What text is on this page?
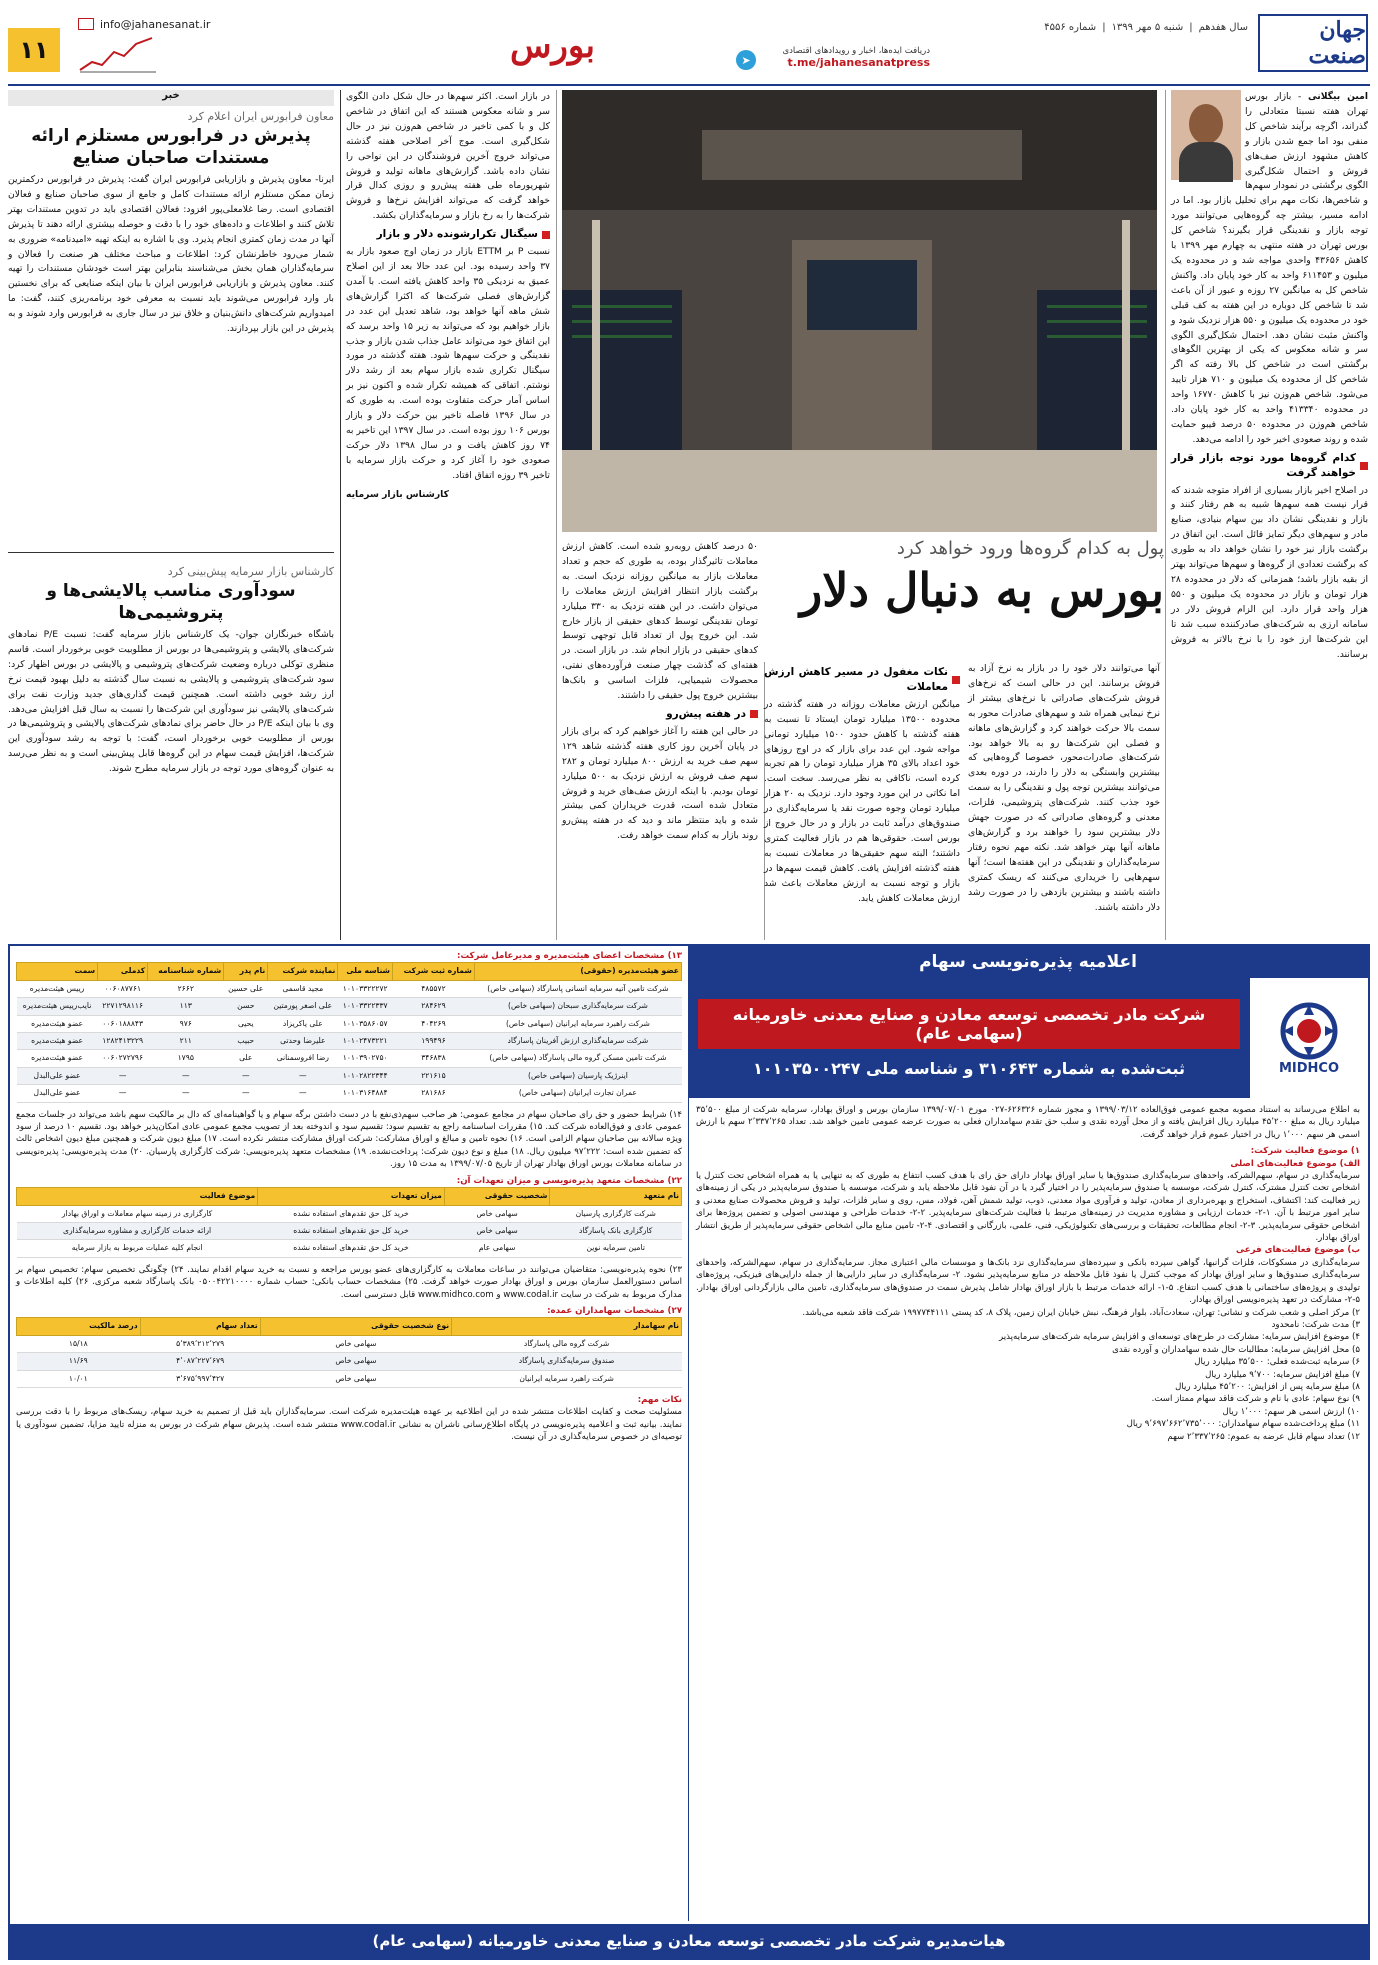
جهان صنعت
سال هفدهم
|
شنبه ۵ مهر ۱۳۹۹
|
شماره ۴۵۵۶
دریافت ایده‌ها، اخبار و رویدادهای اقتصادی
t.me/jahanesanatpress
➤
بورس
info@jahanesanat.ir
۱۱
پول به کدام گروه‌ها ورود خواهد کرد
بورس به دنبال دلار
امین بیگلانی - بازار بورس تهران هفته نسبتا متعادلی را گذراند، اگرچه برآیند شاخص کل منفی بود اما جمع شدن بازار و کاهش مشهود ارزش صف‌های فروش و احتمال شکل‌گیری الگوی برگشتی در نمودار سهم‌ها و شاخص‌ها، نکات مهم برای تحلیل بازار بود. اما در ادامه مسیر، بیشتر چه گروه‌هایی می‌توانند مورد توجه بازار و نقدینگی قرار بگیرند؟ شاخص کل بورس تهران در هفته منتهی به چهارم مهر ۱۳۹۹ با کاهش ۴۳۶۵۶ واحدی مواجه شد و در محدوده یک میلیون و ۶۱۱۴۵۳ واحد به کار خود پایان داد. واکنش شاخص کل به میانگین ۲۷ روزه و عبور از آن باعث شد تا شاخص کل دوباره در این هفته به کف قبلی خود در محدوده یک میلیون و ۵۵۰ هزار نزدیک شود و واکنش مثبت نشان دهد. احتمال شکل‌گیری الگوی سر و شانه معکوس که یکی از بهترین الگوهای برگشتی است در شاخص کل بالا رفته که اگر شاخص کل از محدوده یک میلیون و ۷۱۰ هزار تایید می‌شود. شاخص هم‌وزن نیز با کاهش ۱۶۷۷۰ واحد در محدوده ۴۱۳۳۴۰ واحد به کار خود پایان داد. شاخص هم‌وزن در محدوده ۵۰ درصد فیبو حمایت شده و روند صعودی اخیر خود را ادامه می‌دهد.
کدام گروه‌ها مورد توجه بازار قرار خواهند گرفت
در اصلاح اخیر بازار بسیاری از افراد متوجه شدند که قرار نیست همه سهم‌ها شبیه به هم رفتار کنند و بازار و نقدینگی نشان داد بین سهام بنیادی، صنایع مادر و سهم‌های دیگر تمایز قائل است. این اتفاق در برگشت بازار نیز خود را نشان خواهد داد به طوری که برگشت تعدادی از گروه‌ها و سهم‌ها می‌تواند بهتر از بقیه بازار باشد؛ همزمانی که دلار در محدوده ۲۸ هزار تومان و بازار در محدوده یک میلیون و ۵۵۰ هزار واحد قرار دارد. این الزام فروش دلار در سامانه ارزی به شرکت‌های صادرکننده سبب شد تا این شرکت‌ها ارز خود را با نرخ بالاتر به فروش برسانند.
آنها می‌توانند دلار خود را در بازار به نرخ آزاد به فروش برسانند. این در حالی است که نرخ‌های فروش شرکت‌های صادراتی با نرخ‌های بیشتر از نرخ نیمایی همراه شد و سهم‌های صادرات محور به سمت بالا حرکت خواهند کرد و گزارش‌های ماهانه و فصلی این شرکت‌ها رو به بالا خواهد بود. شرکت‌های صادرات‌محور، خصوصا گروه‌هایی که بیشترین وابستگی به دلار را دارند، در دوره بعدی می‌توانند بیشترین توجه پول و نقدینگی را به سمت خود جذب کنند. شرکت‌های پتروشیمی، فلزات، معدنی و گروه‌های صادراتی که در صورت جهش دلار بیشترین سود را خواهند برد و گزارش‌های ماهانه آنها بهتر خواهد شد. نکته مهم نحوه رفتار سرمایه‌گذاران و نقدینگی در این هفته‌ها است؛ آنها سهم‌هایی را خریداری می‌کنند که ریسک کمتری داشته باشند و بیشترین بازدهی را در صورت رشد دلار داشته باشند.
نکات مغفول در مسیر کاهش ارزش معاملات
میانگین ارزش معاملات روزانه در هفته گذشته در محدوده ۱۳۵۰۰ میلیارد تومان ایستاد تا نسبت به هفته گذشته با کاهش حدود ۱۵۰۰ میلیارد تومانی مواجه شود. این عدد برای بازار که در اوج روزهای خود اعداد بالای ۳۵ هزار میلیارد تومان را هم تجربه کرده است، ناکافی به نظر می‌رسد. سخت است. اما نکاتی در این مورد وجود دارد. نزدیک به ۲۰ هزار میلیارد تومان وجوه صورت نقد یا سرمایه‌گذاری در صندوق‌های درآمد ثابت در بازار و در حال خروج از بورس است. حقوقی‌ها هم در بازار فعالیت کمتری داشتند؛ البته سهم حقیقی‌ها در معاملات نسبت به هفته گذشته افزایش یافت. کاهش قیمت سهم‌ها در بازار و توجه نسبت به ارزش معاملات باعث شد ارزش معاملات کاهش یابد.
۵۰ درصد کاهش روبه‌رو شده است. کاهش ارزش معاملات تاثیرگذار بوده، به طوری که حجم و تعداد معاملات بازار به میانگین روزانه نزدیک است. به برگشت بازار انتظار افزایش ارزش معاملات را می‌توان داشت. در این هفته نزدیک به ۳۳۰ میلیارد تومان نقدینگی توسط کدهای حقیقی از بازار خارج شد. این خروج پول از تعداد قابل توجهی توسط کدهای حقیقی در بازار انجام شد. در بازار است. در هفته‌ای که گذشت چهار صنعت فرآورده‌های نفتی، محصولات شیمیایی، فلزات اساسی و بانک‌ها بیشترین خروج پول حقیقی را داشتند.
در هفته پیش‌رو
در حالی این هفته را آغاز خواهیم کرد که برای بازار در پایان آخرین روز کاری هفته گذشته شاهد ۱۲۹ سهم صف خرید به ارزش ۸۰۰ میلیارد تومان و ۲۸۲ سهم صف فروش به ارزش نزدیک به ۵۰۰ میلیارد تومان بودیم. با اینکه ارزش صف‌های خرید و فروش متعادل شده است، قدرت خریداران کمی بیشتر شده و باید منتظر ماند و دید که در هفته پیش‌رو روند بازار به کدام سمت خواهد رفت.
در بازار است. اکثر سهم‌ها در حال شکل دادن الگوی سر و شانه معکوس هستند که این اتفاق در شاخص کل و با کمی تاخیر در شاخص هم‌وزن نیز در حال شکل‌گیری است. موج آخر اصلاحی هفته گذشته می‌تواند خروج آخرین فروشندگان در این نواحی را نشان داده باشد. گزارش‌های ماهانه تولید و فروش شهریورماه طی هفته پیش‌رو و روزی کدال قرار خواهد گرفت که می‌تواند افزایش نرخ‌ها و فروش شرکت‌ها را به رخ بازار و سرمایه‌گذاران بکشد.
سیگنال تکرارشونده دلار و بازار
نسبت P بر ETTM بازار در زمان اوج صعود بازار به ۳۷ واحد رسیده بود. این عدد حالا بعد از این اصلاح عمیق به نزدیکی ۳۵ واحد کاهش یافته است. با آمدن گزارش‌های فصلی شرکت‌ها که اکثرا گزارش‌های شش ماهه آنها خواهد بود، شاهد تعدیل این عدد در بازار خواهیم بود که می‌تواند به زیر ۱۵ واحد برسد که این اتفاق خود می‌تواند عامل جذاب شدن بازار و جذب نقدینگی و حرکت سهم‌ها شود. هفته گذشته در مورد سیگنال تکراری شده بازار سهام بعد از رشد دلار نوشتم. اتفاقی که همیشه تکرار شده و اکنون نیز بر اساس آمار حرکت متفاوت بوده است. به طوری که در سال ۱۳۹۶ فاصله تاخیر بین حرکت دلار و بازار بورس ۱۰۶ روز بوده است. در سال ۱۳۹۷ این تاخیر به ۷۴ روز کاهش یافت و در سال ۱۳۹۸ دلار حرکت صعودی خود را آغاز کرد و حرکت بازار سرمایه با تاخیر ۳۹ روزه اتفاق افتاد.
کارشناس بازار سرمایه
خبر
معاون فرابورس ایران اعلام کرد
پذیرش در فرابورس مستلزم ارائه مستندات صاحبان صنایع
ایرنا- معاون پذیرش و بازاریابی فرابورس ایران گفت: پذیرش در فرابورس درکمترین زمان ممکن مستلزم ارائه مستندات کامل و جامع از سوی صاحبان صنایع و فعالان اقتصادی است. رضا غلامعلی‌پور افزود: فعالان اقتصادی باید در تدوین مستندات بهتر تلاش کنند و اطلاعات و داده‌های خود را با دقت و حوصله بیشتری ارائه دهند تا پذیرش آنها در مدت زمان کمتری انجام پذیرد. وی با اشاره به اینکه تهیه «امیدنامه» ضروری به شمار می‌رود خاطرنشان کرد: اطلاعات و مباحث مختلف هر صنعت را فعالان و سرمایه‌گذاران همان بخش می‌شناسند بنابراین بهتر است خودشان مستندات را تهیه کنند. معاون پذیرش و بازاریابی فرابورس ایران با بیان اینکه صنایعی که برای نخستین بار وارد فرابورس می‌شوند باید نسبت به معرفی خود برنامه‌ریزی کنند، گفت: ما امیدواریم شرکت‌های دانش‌بنیان و خلاق نیز در سال جاری به فرابورس وارد شوند و به پذیرش در این بازار بپردازند.
کارشناس بازار سرمایه پیش‌بینی کرد
سودآوری مناسب پالایشی‌ها و پتروشیمی‌ها
باشگاه خبرنگاران جوان- یک کارشناس بازار سرمایه گفت: نسبت P/E نمادهای شرکت‌های پالایشی و پتروشیمی‌ها در بورس از مطلوبیت خوبی برخوردار است. قاسم منظری توکلی درباره وضعیت شرکت‌های پتروشیمی و پالایشی در بورس اظهار کرد: سود شرکت‌های پتروشیمی و پالایشی به نسبت سال گذشته به دلیل بهبود قیمت نرخ ارز رشد خوبی داشته است. همچنین قیمت گذاری‌های جدید وزارت نفت برای شرکت‌های پالایشی نیز سودآوری این شرکت‌ها را نسبت به سال قبل افزایش می‌دهد. وی با بیان اینکه P/E در حال حاضر برای نمادهای شرکت‌های پالایشی و پتروشیمی‌ها در بورس از مطلوبیت خوبی برخوردار است، گفت: با توجه به رشد سودآوری این شرکت‌ها، افزایش قیمت سهام در این گروه‌ها قابل پیش‌بینی است و به نظر می‌رسد به عنوان گروه‌های مورد توجه در بازار سرمایه مطرح شوند.
اعلامیه پذیره‌نویسی سهام
MIDHCO
شرکت مادر تخصصی توسعه معادن و صنایع معدنی خاورمیانه (سهامی عام)
ثبت‌شده به شماره ۳۱۰۶۴۳ و شناسه ملی ۱۰۱۰۳۵۰۰۲۴۷

به اطلاع می‌رساند به استناد مصوبه مجمع عمومی فوق‌العاده ۱۳۹۹/۰۳/۱۲ و مجوز شماره ۶۲۶۳۲۶-۰۲۷ مورخ ۱۳۹۹/۰۷/۰۱ سازمان بورس و اوراق بهادار، سرمایه شرکت از مبلغ ۳۵٬۵۰۰ میلیارد ریال به مبلغ ۴۵٬۲۰۰ میلیارد ریال افزایش یافته و از محل آورده نقدی و سلب حق تقدم سهامداران فعلی به صورت عرضه عمومی تامین خواهد شد. تعداد ۲٬۳۳۷٬۲۶۵ سهم با ارزش اسمی هر سهم ۱٬۰۰۰ ریال در اختیار عموم قرار خواهد گرفت.

۱) موضوع فعالیت شرکت:
الف) موضوع فعالیت‌های اصلی

سرمایه‌گذاری در سهام، سهم‌الشرکه، واحدهای سرمایه‌گذاری صندوق‌ها یا سایر اوراق بهادار دارای حق رای با هدف کسب انتفاع به طوری که به تنهایی یا به همراه اشخاص تحت کنترل یا اشخاص تحت کنترل مشترک، کنترل شرکت، موسسه یا صندوق سرمایه‌پذیر را در اختیار گیرد یا در آن نفوذ قابل ملاحظه یابد و شرکت، موسسه یا صندوق سرمایه‌پذیر در یکی از زمینه‌های زیر فعالیت کند: اکتشاف، استخراج و بهره‌برداری از معادن، تولید و فرآوری مواد معدنی، ذوب، تولید شمش آهن، فولاد، مس، روی و سایر فلزات، تولید و فروش محصولات صنایع معدنی و سایر امور مرتبط با آن. ۱-۲- خدمات ارزیابی و مشاوره مدیریت در زمینه‌های مرتبط با فعالیت شرکت‌های سرمایه‌پذیر. ۲-۲- خدمات طراحی و مهندسی اصولی و تضمین پروژه‌ها برای اشخاص حقوقی سرمایه‌پذیر. ۳-۲- انجام مطالعات، تحقیقات و بررسی‌های تکنولوژیکی، فنی، علمی، بازرگانی و اقتصادی. ۴-۲- تامین منابع مالی اشخاص حقوقی سرمایه‌پذیر از طریق انتشار اوراق بهادار.

ب) موضوع فعالیت‌های فرعی

سرمایه‌گذاری در مسکوکات، فلزات گرانبها، گواهی سپرده بانکی و سپرده‌های سرمایه‌گذاری نزد بانک‌ها و موسسات مالی اعتباری مجاز. سرمایه‌گذاری در سهام، سهم‌الشرکه، واحدهای سرمایه‌گذاری صندوق‌ها و سایر اوراق بهادار که موجب کنترل یا نفوذ قابل ملاحظه در منابع سرمایه‌پذیر نشود. ۲- سرمایه‌گذاری در سایر دارایی‌ها از جمله دارایی‌های فیزیکی، پروژه‌های تولیدی و پروژه‌های ساختمانی با هدف کسب انتفاع. ۵-۱- ارائه خدمات مرتبط با بازار اوراق بهادار شامل پذیرش سمت در صندوق‌های سرمایه‌گذاری، تامین مالی بازارگردانی اوراق بهادار. ۵-۲- مشارکت در تعهد پذیره‌نویسی اوراق بهادار.

۲) مرکز اصلی و شعب شرکت و نشانی: تهران، سعادت‌آباد، بلوار فرهنگ، نبش خیابان ایران زمین، پلاک ۸، کد پستی ۱۹۹۷۷۴۴۱۱۱ شرکت فاقد شعبه می‌باشد.

۳) مدت شرکت: نامحدود

۴) موضوع افزایش سرمایه: مشارکت در طرح‌های توسعه‌ای و افزایش سرمایه شرکت‌های سرمایه‌پذیر

۵) محل افزایش سرمایه: مطالبات حال شده سهامداران و آورده نقدی

۶) سرمایه ثبت‌شده فعلی: ۳۵٬۵۰۰ میلیارد ریال

۷) مبلغ افزایش سرمایه: ۹٬۷۰۰ میلیارد ریال

۸) مبلغ سرمایه پس از افزایش: ۴۵٬۲۰۰ میلیارد ریال

۹) نوع سهام: عادی با نام و شرکت فاقد سهام ممتاز است.

۱۰) ارزش اسمی هر سهم: ۱٬۰۰۰ ریال

۱۱) مبلغ پرداخت‌شده سهام سهامداران: ۹٬۶۹۷٬۶۶۲٬۷۳۵٬۰۰۰ ریال

۱۲) تعداد سهام قابل عرضه به عموم: ۲٬۳۳۷٬۲۶۵ سهم

۱۳) مشخصات اعضای هیئت‌مدیره و مدیرعامل شرکت:
عضو هیئت‌مدیره (حقوقی)	شماره ثبت شرکت	شناسه ملی	نماینده شرکت	نام پدر	شماره شناسنامه	کدملی	سمت
شرکت تامین آتیه سرمایه انسانی پاسارگاد (سهامی خاص)	۴۸۵۵۷۲	۱۰۱۰۳۳۲۲۲۷۲	مجید قاسمی	علی حسین	۲۶۶۲	۰۰۶۰۸۷۷۶۱	رییس هیئت‌مدیره
شرکت سرمایه‌گذاری سبحان (سهامی خاص)	۲۸۴۶۲۹	۱۰۱۰۳۳۲۲۳۳۷	علی اصغر پورمتین	حسن	۱۱۳	۲۲۷۱۲۹۸۱۱۶	نایب‌رییس هیئت‌مدیره
شرکت راهبرد سرمایه ایرانیان (سهامی خاص)	۴۰۴۲۶۹	۱۰۱۰۳۵۸۶۰۵۷	علی یاکریزاد	یحیی	۹۷۶	۰۰۶۰۱۸۸۸۴۳	عضو هیئت‌مدیره
شرکت سرمایه‌گذاری ارزش آفرینان پاسارگاد	۱۹۹۴۹۶	۱۰۱۰۲۴۷۳۲۲۱	علیرضا وحدتی	حبیب	۲۱۱	۱۲۸۲۴۱۳۲۲۹	عضو هیئت‌مدیره
شرکت تامین مسکن گروه مالی پاسارگاد (سهامی خاص)	۳۴۶۸۳۸	۱۰۱۰۳۹۰۲۷۵۰	رضا افروسمنانی	علی	۱۷۹۵	۰۰۶۰۲۷۲۷۹۶	عضو هیئت‌مدیره
اینرژیک پارسیان (سهامی خاص)	۲۲۱۶۱۵	۱۰۱۰۲۸۲۲۳۴۴	—	—	—	—	عضو علی‌البدل
عمران تجارت ایرانیان (سهامی خاص)	۲۸۱۶۸۶	۱۰۱۰۳۱۶۴۸۸۴	—	—	—	—	عضو علی‌البدل

۱۴) شرایط حضور و حق رای صاحبان سهام در مجامع عمومی: هر صاحب سهم‌ذی‌نفع با در دست داشتن برگه سهام و یا گواهینامه‌ای که دال بر مالکیت سهم باشد می‌تواند در جلسات مجمع عمومی عادی و فوق‌العاده شرکت کند. ۱۵) مقررات اساسنامه راجع به تقسیم سود: تقسیم سود و اندوخته بعد از تصویب مجمع عمومی عادی امکان‌پذیر خواهد بود. تقسیم ۱۰ درصد از سود ویژه سالانه بین صاحبان سهام الزامی است. ۱۶) نحوه تامین و مبالغ و اوراق مشارکت: شرکت اوراق مشارکت منتشر نکرده است. ۱۷) مبلغ دیون شرکت و همچنین مبلغ دیون اشخاص ثالث که تضمین شده است: ۹۷٬۲۲۲ میلیون ریال. ۱۸) مبلغ و نوع دیون شرکت: پرداخت‌نشده. ۱۹) مشخصات متعهد پذیره‌نویسی: شرکت کارگزاری پارسیان. ۲۰) مدت پذیره‌نویسی: پذیره‌نویسی در سامانه معاملات بورس اوراق بهادار تهران از تاریخ ۱۳۹۹/۰۷/۰۵ به مدت ۱۵ روز.

۲۲) مشخصات متعهد پذیره‌نویسی و میزان تعهدات آن:
نام متعهد	شخصیت حقوقی	میزان تعهدات	موضوع فعالیت
شرکت کارگزاری پارسیان	سهامی خاص	خرید کل حق تقدم‌های استفاده نشده	کارگزاری در زمینه سهام معاملات و اوراق بهادار
کارگزاری بانک پاسارگاد	سهامی خاص	خرید کل حق تقدم‌های استفاده نشده	ارائه خدمات کارگزاری و مشاوره سرمایه‌گذاری
تامین سرمایه نوین	سهامی عام	خرید کل حق تقدم‌های استفاده نشده	انجام کلیه عملیات مربوط به بازار سرمایه

۲۳) نحوه پذیره‌نویسی: متقاضیان می‌توانند در ساعات معاملات به کارگزاری‌های عضو بورس مراجعه و نسبت به خرید سهام اقدام نمایند. ۲۴) چگونگی تخصیص سهام: تخصیص سهام بر اساس دستورالعمل سازمان بورس و اوراق بهادار صورت خواهد گرفت. ۲۵) مشخصات حساب بانکی: حساب شماره ۰۵۰۰۴۲۲۱۰۰۰۰ بانک پاسارگاد شعبه مرکزی. ۲۶) کلیه اطلاعات و مدارک مربوط به شرکت در سایت www.codal.ir و www.midhco.com قابل دسترسی است.

۲۷) مشخصات سهامداران عمده:
نام سهامدار	نوع شخصیت حقوقی	تعداد سهام	درصد مالکیت
شرکت گروه مالی پاسارگاد	سهامی خاص	۵٬۳۸۹٬۲۱۲٬۲۷۹	۱۵/۱۸
صندوق سرمایه‌گذاری پاسارگاد	سهامی خاص	۴٬۰۸۷٬۲۲۷٬۶۷۹	۱۱/۶۹
شرکت راهبرد سرمایه ایرانیان	سهامی خاص	۳٬۶۷۵٬۹۹۷٬۴۲۷	۱۰/۰۱
نکات مهم:

مسئولیت صحت و کفایت اطلاعات منتشر شده در این اطلاعیه بر عهده هیئت‌مدیره شرکت است. سرمایه‌گذاران باید قبل از تصمیم به خرید سهام، ریسک‌های مربوط را با دقت بررسی نمایند. بیانیه ثبت و اعلامیه پذیره‌نویسی در پایگاه اطلاع‌رسانی ناشران به نشانی www.codal.ir منتشر شده است. پذیرش سهام شرکت در بورس به منزله تایید مزایا، تضمین سودآوری یا توصیه‌ای در خصوص سرمایه‌گذاری در آن نیست.

هیات‌مدیره شرکت مادر تخصصی توسعه معادن و صنایع معدنی خاورمیانه (سهامی عام)
